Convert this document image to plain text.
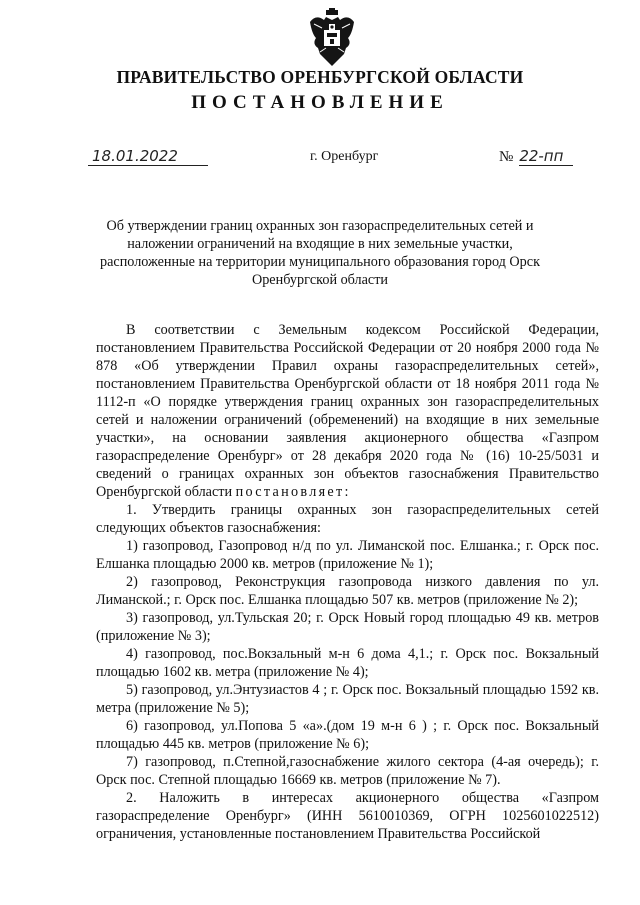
ПРАВИТЕЛЬСТВО ОРЕНБУРГСКОЙ ОБЛАСТИ
ПОСТАНОВЛЕНИЕ
18.01.2022	г. Оренбург	№ 22-пп
Об утверждении границ охранных зон газораспределительных сетей и наложении ограничений на входящие в них земельные участки, расположенные на территории муниципального образования город Орск Оренбургской области

В соответствии с Земельным кодексом Российской Федерации, постановлением Правительства Российской Федерации от 20 ноября 2000 года № 878 «Об утверждении Правил охраны газораспределительных сетей», постановлением Правительства Оренбургской области от 18 ноября 2011 года № 1112-п «О порядке утверждения границ охранных зон газораспределительных сетей и наложении ограничений (обременений) на входящие в них земельные участки», на основании заявления акционерного общества «Газпром газораспределение Оренбург» от 28 декабря 2020 года № (16) 10-25/5031 и сведений о границах охранных зон объектов газоснабжения Правительство Оренбургской области постановляет:

1. Утвердить границы охранных зон газораспределительных сетей следующих объектов газоснабжения:

1) газопровод, Газопровод н/д по ул. Лиманской пос. Елшанка.; г. Орск пос. Елшанка площадью 2000 кв. метров (приложение № 1);

2) газопровод, Реконструкция газопровода низкого давления по ул. Лиманской.; г. Орск пос. Елшанка площадью 507 кв. метров (приложение № 2);

3) газопровод, ул.Тульская 20; г. Орск Новый город площадью 49 кв. метров (приложение № 3);

4) газопровод, пос.Вокзальный м-н 6 дома 4,1.; г. Орск пос. Вокзальный площадью 1602 кв. метра (приложение № 4);

5) газопровод, ул.Энтузиастов 4 ; г. Орск пос. Вокзальный площадью 1592 кв. метра (приложение № 5);

6) газопровод, ул.Попова 5 «а».(дом 19 м-н 6 ) ; г. Орск пос. Вокзальный площадью 445 кв. метров (приложение № 6);

7) газопровод, п.Степной,газоснабжение жилого сектора (4-ая очередь); г. Орск пос. Степной площадью 16669 кв. метров (приложение № 7).

2. Наложить в интересах акционерного общества «Газпром газораспределение Оренбург» (ИНН 5610010369, ОГРН 1025601022512) ограничения, установленные постановлением Правительства Российской
